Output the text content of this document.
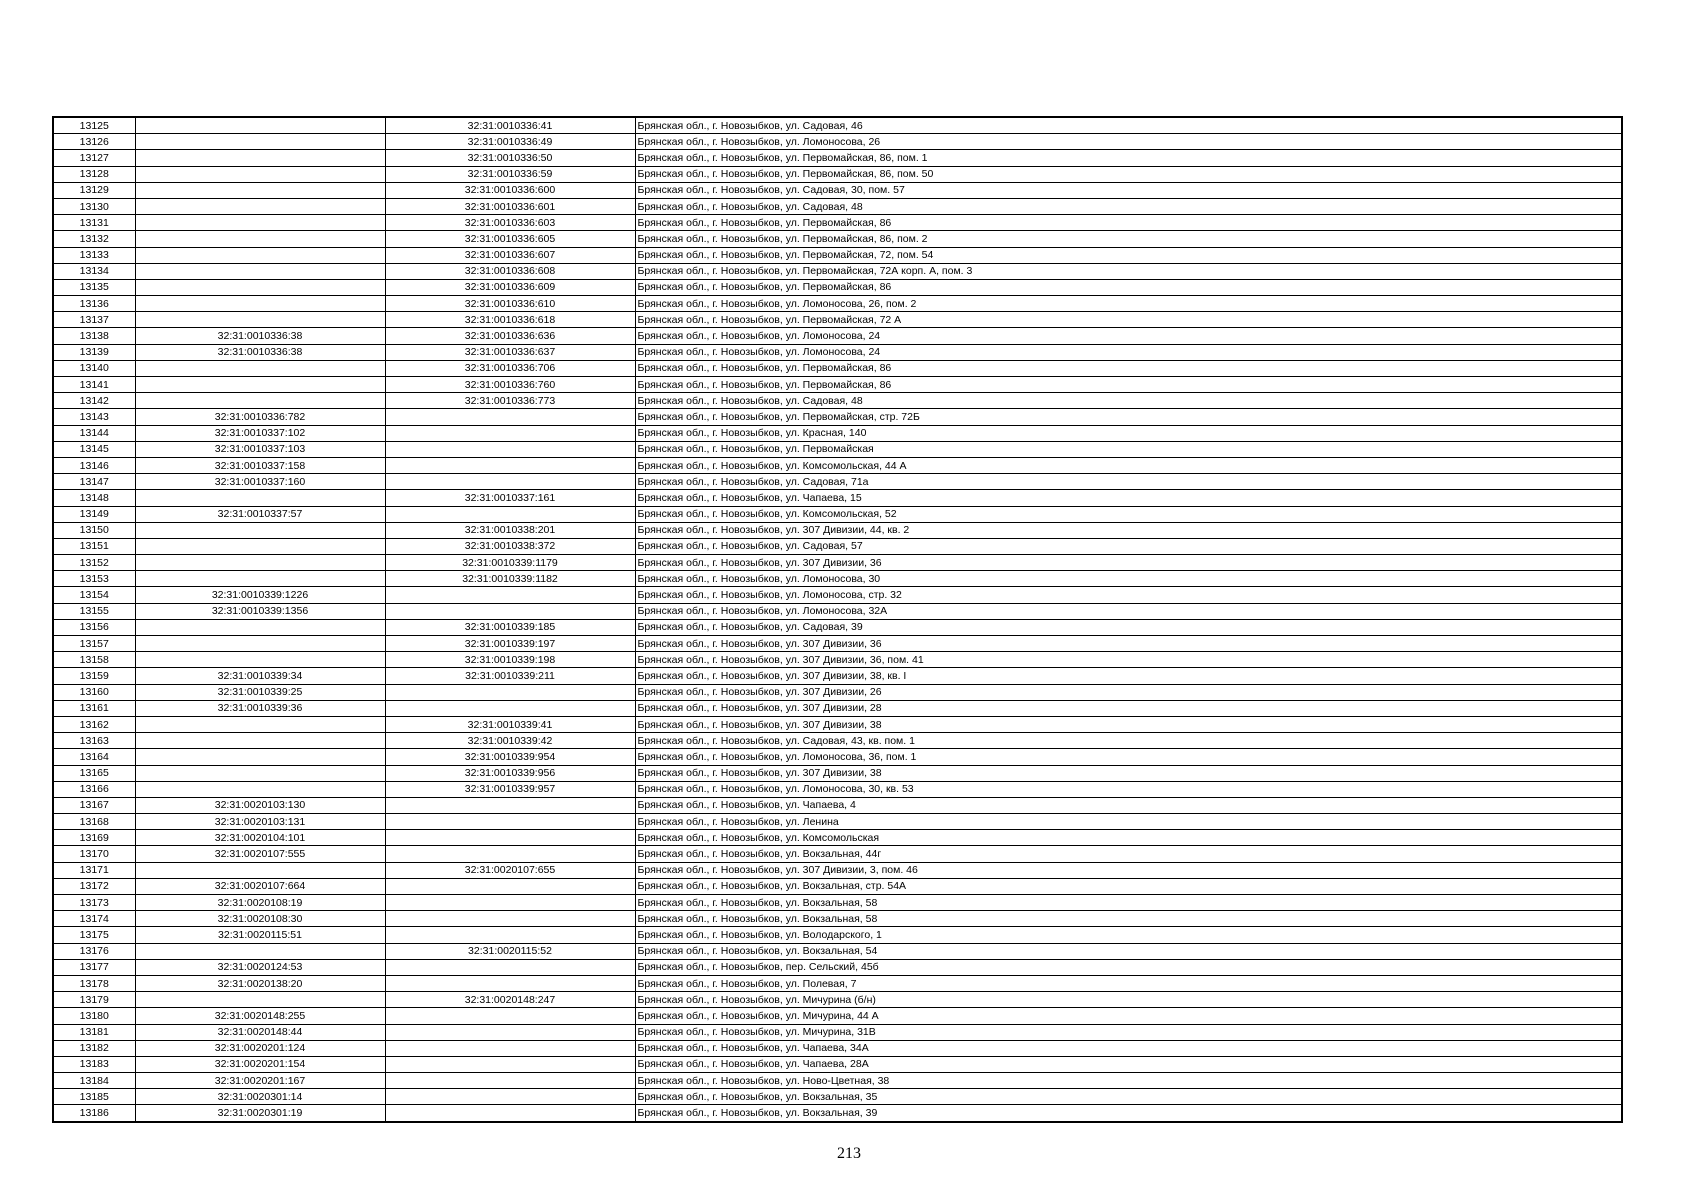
13125		32:31:0010336:41	Брянская обл., г. Новозыбков, ул. Садовая, 46
13126		32:31:0010336:49	Брянская обл., г. Новозыбков, ул. Ломоносова, 26
13127		32:31:0010336:50	Брянская обл., г. Новозыбков, ул. Первомайская, 86, пом. 1
13128		32:31:0010336:59	Брянская обл., г. Новозыбков, ул. Первомайская, 86, пом. 50
13129		32:31:0010336:600	Брянская обл., г. Новозыбков, ул. Садовая, 30, пом. 57
13130		32:31:0010336:601	Брянская обл., г. Новозыбков, ул. Садовая, 48
13131		32:31:0010336:603	Брянская обл., г. Новозыбков, ул. Первомайская, 86
13132		32:31:0010336:605	Брянская обл., г. Новозыбков, ул. Первомайская, 86, пом. 2
13133		32:31:0010336:607	Брянская обл., г. Новозыбков, ул. Первомайская, 72, пом. 54
13134		32:31:0010336:608	Брянская обл., г. Новозыбков, ул. Первомайская, 72А корп. А, пом. 3
13135		32:31:0010336:609	Брянская обл., г. Новозыбков, ул. Первомайская, 86
13136		32:31:0010336:610	Брянская обл., г. Новозыбков, ул. Ломоносова, 26, пом. 2
13137		32:31:0010336:618	Брянская обл., г. Новозыбков, ул. Первомайская, 72 А
13138	32:31:0010336:38	32:31:0010336:636	Брянская обл., г. Новозыбков, ул. Ломоносова, 24
13139	32:31:0010336:38	32:31:0010336:637	Брянская обл., г. Новозыбков, ул. Ломоносова, 24
13140		32:31:0010336:706	Брянская обл., г. Новозыбков, ул. Первомайская, 86
13141		32:31:0010336:760	Брянская обл., г. Новозыбков, ул. Первомайская, 86
13142		32:31:0010336:773	Брянская обл., г. Новозыбков, ул. Садовая, 48
13143	32:31:0010336:782		Брянская обл., г. Новозыбков, ул. Первомайская, стр. 72Б
13144	32:31:0010337:102		Брянская обл., г. Новозыбков, ул. Красная, 140
13145	32:31:0010337:103		Брянская обл., г. Новозыбков, ул. Первомайская
13146	32:31:0010337:158		Брянская обл., г. Новозыбков, ул. Комсомольская, 44 А
13147	32:31:0010337:160		Брянская обл., г. Новозыбков, ул. Садовая, 71а
13148		32:31:0010337:161	Брянская обл., г. Новозыбков, ул. Чапаева, 15
13149	32:31:0010337:57		Брянская обл., г. Новозыбков, ул. Комсомольская, 52
13150		32:31:0010338:201	Брянская обл., г. Новозыбков, ул. 307 Дивизии, 44, кв. 2
13151		32:31:0010338:372	Брянская обл., г. Новозыбков, ул. Садовая, 57
13152		32:31:0010339:1179	Брянская обл., г. Новозыбков, ул. 307 Дивизии, 36
13153		32:31:0010339:1182	Брянская обл., г. Новозыбков, ул. Ломоносова, 30
13154	32:31:0010339:1226		Брянская обл., г. Новозыбков, ул. Ломоносова, стр. 32
13155	32:31:0010339:1356		Брянская обл., г. Новозыбков, ул. Ломоносова, 32А
13156		32:31:0010339:185	Брянская обл., г. Новозыбков, ул. Садовая, 39
13157		32:31:0010339:197	Брянская обл., г. Новозыбков, ул. 307 Дивизии, 36
13158		32:31:0010339:198	Брянская обл., г. Новозыбков, ул. 307 Дивизии, 36, пом. 41
13159	32:31:0010339:34	32:31:0010339:211	Брянская обл., г. Новозыбков, ул. 307 Дивизии, 38, кв. I
13160	32:31:0010339:25		Брянская обл., г. Новозыбков, ул. 307 Дивизии, 26
13161	32:31:0010339:36		Брянская обл., г. Новозыбков, ул. 307 Дивизии, 28
13162		32:31:0010339:41	Брянская обл., г. Новозыбков, ул. 307 Дивизии, 38
13163		32:31:0010339:42	Брянская обл., г. Новозыбков, ул. Садовая, 43, кв. пом. 1
13164		32:31:0010339:954	Брянская обл., г. Новозыбков, ул. Ломоносова, 36, пом. 1
13165		32:31:0010339:956	Брянская обл., г. Новозыбков, ул. 307 Дивизии, 38
13166		32:31:0010339:957	Брянская обл., г. Новозыбков, ул. Ломоносова, 30, кв. 53
13167	32:31:0020103:130		Брянская обл., г. Новозыбков, ул. Чапаева, 4
13168	32:31:0020103:131		Брянская обл., г. Новозыбков, ул. Ленина
13169	32:31:0020104:101		Брянская обл., г. Новозыбков, ул. Комсомольская
13170	32:31:0020107:555		Брянская обл., г. Новозыбков, ул. Вокзальная, 44г
13171		32:31:0020107:655	Брянская обл., г. Новозыбков, ул. 307 Дивизии, 3, пом. 46
13172	32:31:0020107:664		Брянская обл., г. Новозыбков, ул. Вокзальная, стр. 54А
13173	32:31:0020108:19		Брянская обл., г. Новозыбков, ул. Вокзальная, 58
13174	32:31:0020108:30		Брянская обл., г. Новозыбков, ул. Вокзальная, 58
13175	32:31:0020115:51		Брянская обл., г. Новозыбков, ул. Володарского, 1
13176		32:31:0020115:52	Брянская обл., г. Новозыбков, ул. Вокзальная, 54
13177	32:31:0020124:53		Брянская обл., г. Новозыбков, пер. Сельский, 45б
13178	32:31:0020138:20		Брянская обл., г. Новозыбков, ул. Полевая, 7
13179		32:31:0020148:247	Брянская обл., г. Новозыбков, ул. Мичурина (б/н)
13180	32:31:0020148:255		Брянская обл., г. Новозыбков, ул. Мичурина, 44 А
13181	32:31:0020148:44		Брянская обл., г. Новозыбков, ул. Мичурина, 31В
13182	32:31:0020201:124		Брянская обл., г. Новозыбков, ул. Чапаева, 34А
13183	32:31:0020201:154		Брянская обл., г. Новозыбков, ул. Чапаева, 28А
13184	32:31:0020201:167		Брянская обл., г. Новозыбков, ул. Ново-Цветная, 38
13185	32:31:0020301:14		Брянская обл., г. Новозыбков, ул. Вокзальная, 35
13186	32:31:0020301:19		Брянская обл., г. Новозыбков, ул. Вокзальная, 39
213
